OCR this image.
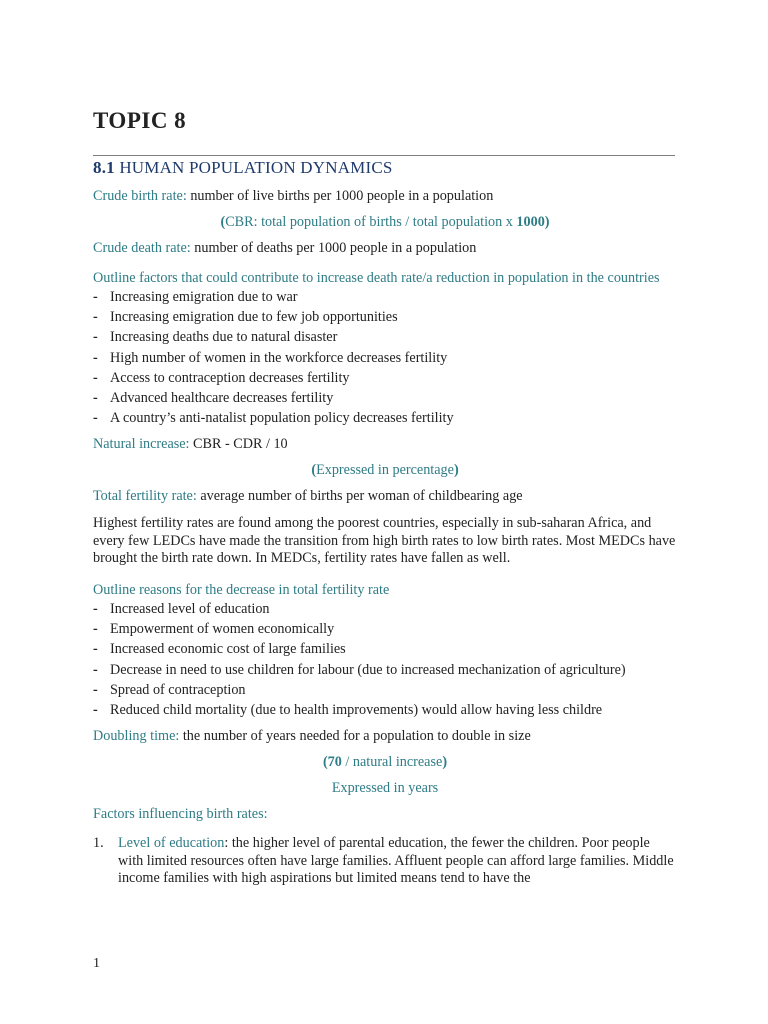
TOPIC 8
8.1 HUMAN POPULATION DYNAMICS

Crude birth rate: number of live births per 1000 people in a population

(CBR: total population of births / total population x 1000)

Crude death rate: number of deaths per 1000 people in a population

Outline factors that could contribute to increase death rate/a reduction in population in the countries

- Increasing emigration due to war
- Increasing emigration due to few job opportunities
- Increasing deaths due to natural disaster
- High number of women in the workforce decreases fertility
- Access to contraception decreases fertility
- Advanced healthcare decreases fertility
- A country’s anti-natalist population policy decreases fertility

Natural increase: CBR - CDR / 10

(Expressed in percentage)

Total fertility rate: average number of births per woman of childbearing age

Highest fertility rates are found among the poorest countries, especially in sub-saharan Africa, and every few LEDCs have made the transition from high birth rates to low birth rates. Most MEDCs have brought the birth rate down. In MEDCs, fertility rates have fallen as well.

Outline reasons for the decrease in total fertility rate

- Increased level of education
- Empowerment of women economically
- Increased economic cost of large families
- Decrease in need to use children for labour (due to increased mechanization of agriculture)
- Spread of contraception
- Reduced child mortality (due to health improvements) would allow having less childre

Doubling time: the number of years needed for a population to double in size

(70 / natural increase)

Expressed in years

Factors influencing birth rates:

1.	Level of education: the higher level of parental education, the fewer the children. Poor people with limited resources often have large families. Affluent people can afford large families. Middle income families with high aspirations but limited means tend to have the
1
